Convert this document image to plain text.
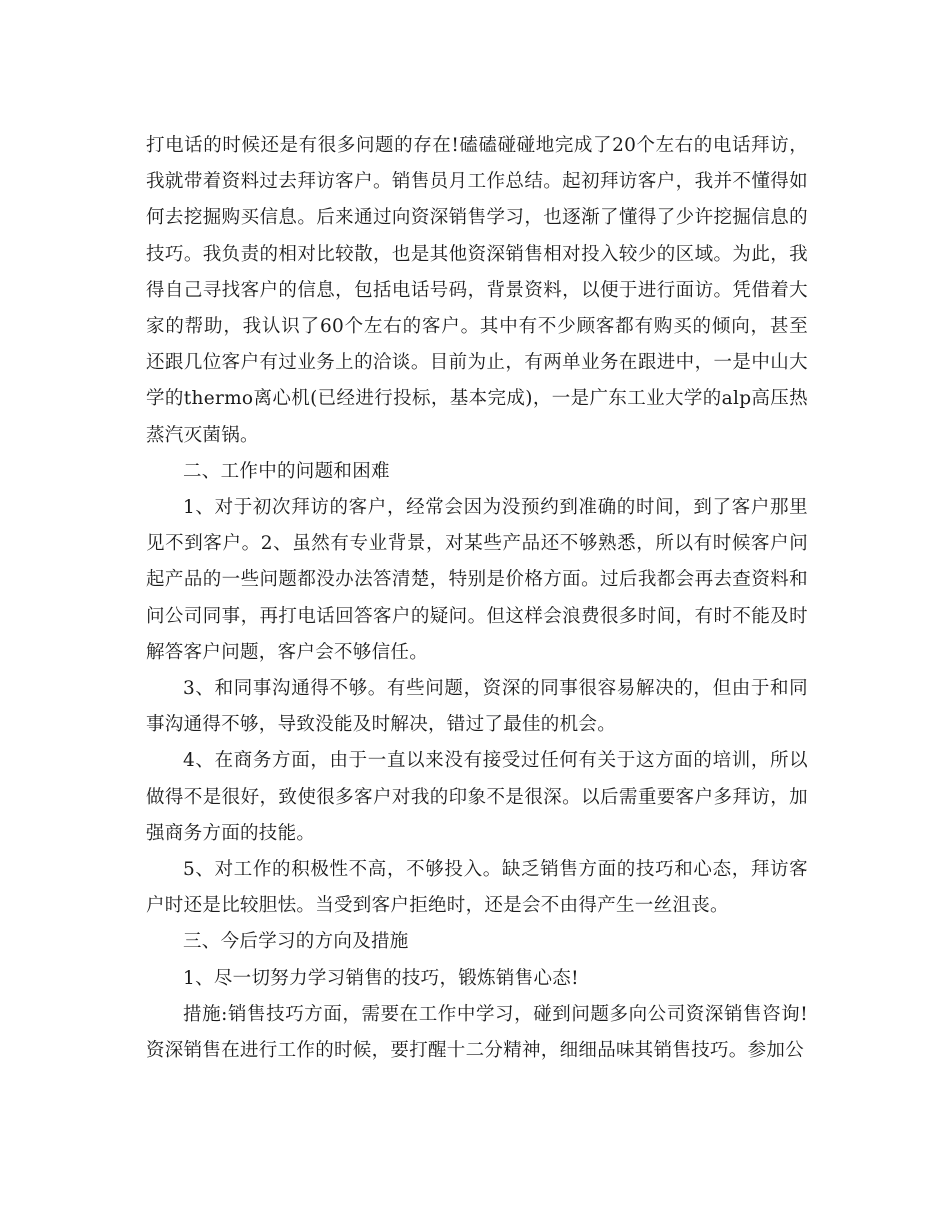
打电话的时候还是有很多问题的存在!磕磕碰碰地完成了20个左右的电话拜访，我就带着资料过去拜访客户。销售员月工作总结。起初拜访客户，我并不懂得如何去挖掘购买信息。后来通过向资深销售学习，也逐渐了懂得了少许挖掘信息的技巧。我负责的相对比较散，也是其他资深销售相对投入较少的区域。为此，我得自己寻找客户的信息，包括电话号码，背景资料，以便于进行面访。凭借着大家的帮助，我认识了60个左右的客户。其中有不少顾客都有购买的倾向，甚至还跟几位客户有过业务上的洽谈。目前为止，有两单业务在跟进中，一是中山大学的thermo离心机(已经进行投标，基本完成)，一是广东工业大学的alp高压热蒸汽灭菌锅。

二、工作中的问题和困难

1、对于初次拜访的客户，经常会因为没预约到准确的时间，到了客户那里见不到客户。2、虽然有专业背景，对某些产品还不够熟悉，所以有时候客户问起产品的一些问题都没办法答清楚，特别是价格方面。过后我都会再去查资料和问公司同事，再打电话回答客户的疑问。但这样会浪费很多时间，有时不能及时解答客户问题，客户会不够信任。

3、和同事沟通得不够。有些问题，资深的同事很容易解决的，但由于和同事沟通得不够，导致没能及时解决，错过了最佳的机会。

4、在商务方面，由于一直以来没有接受过任何有关于这方面的培训，所以做得不是很好，致使很多客户对我的印象不是很深。以后需重要客户多拜访，加强商务方面的技能。

5、对工作的积极性不高，不够投入。缺乏销售方面的技巧和心态，拜访客户时还是比较胆怯。当受到客户拒绝时，还是会不由得产生一丝沮丧。

三、今后学习的方向及措施

1、尽一切努力学习销售的技巧，锻炼销售心态!

措施:销售技巧方面，需要在工作中学习，碰到问题多向公司资深销售咨询!资深销售在进行工作的时候，要打醒十二分精神，细细品味其销售技巧。参加公
